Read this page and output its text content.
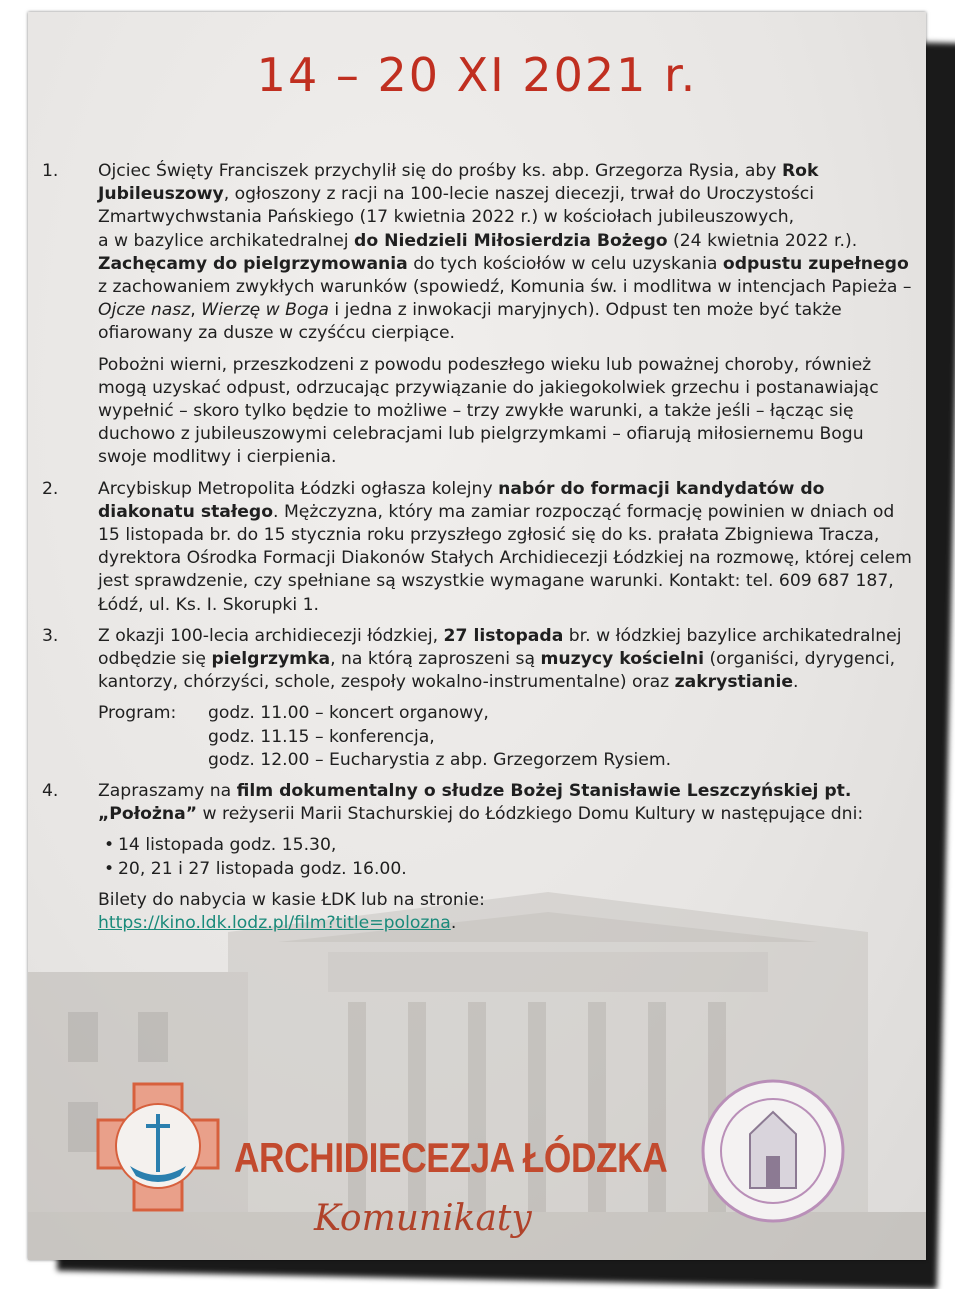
14 – 20 XI 2021 r.
1. Ojciec Święty Franciszek przychylił się do prośby ks. abp. Grzegorza Rysia, aby Rok Jubileuszowy, ogłoszony z racji na 100-lecie naszej diecezji, trwał do Uroczystości Zmartwychwstania Pańskiego (17 kwietnia 2022 r.) w kościołach jubileuszowych,

a w bazylice archikatedralnej do Niedzieli Miłosierdzia Bożego (24 kwietnia 2022 r.). Zachęcamy do pielgrzymowania do tych kościołów w celu uzyskania odpustu zupełnego z zachowaniem zwykłych warunków (spowiedź, Komunia św. i modlitwa w intencjach Papieża – Ojcze nasz, Wierzę w Boga i jedna z inwokacji maryjnych). Odpust ten może być także ofiarowany za dusze w czyśćcu cierpiące.

Pobożni wierni, przeszkodzeni z powodu podeszłego wieku lub poważnej choroby, również mogą uzyskać odpust, odrzucając przywiązanie do jakiegokolwiek grzechu i postanawiając wypełnić – skoro tylko będzie to możliwe – trzy zwykłe warunki, a także jeśli – łącząc się duchowo z jubileuszowymi celebracjami lub pielgrzymkami – ofiarują miłosiernemu Bogu swoje modlitwy i cierpienia.

2. Arcybiskup Metropolita Łódzki ogłasza kolejny nabór do formacji kandydatów do diakonatu stałego. Mężczyzna, który ma zamiar rozpocząć formację powinien w dniach od 15 listopada br. do 15 stycznia roku przyszłego zgłosić się do ks. prałata Zbigniewa Tracza, dyrektora Ośrodka Formacji Diakonów Stałych Archidiecezji Łódzkiej na rozmowę, której celem jest sprawdzenie, czy spełniane są wszystkie wymagane warunki. Kontakt: tel. 609 687 187, Łódź, ul. Ks. I. Skorupki 1.

3. Z okazji 100-lecia archidiecezji łódzkiej, 27 listopada br. w łódzkiej bazylice archikatedralnej odbędzie się pielgrzymka, na którą zaproszeni są muzycy kościelni (organiści, dyrygenci, kantorzy, chórzyści, schole, zespoły wokalno-instrumentalne) oraz zakrystianie.

Program:	godz. 11.00 – koncert organowy,
godz. 11.15 – konferencja,
godz. 12.00 – Eucharystia z abp. Grzegorzem Rysiem.
4. Zapraszamy na film dokumentalny o słudze Bożej Stanisławie Leszczyńskiej pt. „Położna” w reżyserii Marii Stachurskiej do Łódzkiego Domu Kultury w następujące dni:

• 14 listopada godz. 15.30,
• 20, 21 i 27 listopada godz. 16.00.

Bilety do nabycia w kasie ŁDK lub na stronie:
https://kino.ldk.lodz.pl/film?title=polozna.

ARCHIDIECEZJA ŁÓDZKA
Komunikaty
